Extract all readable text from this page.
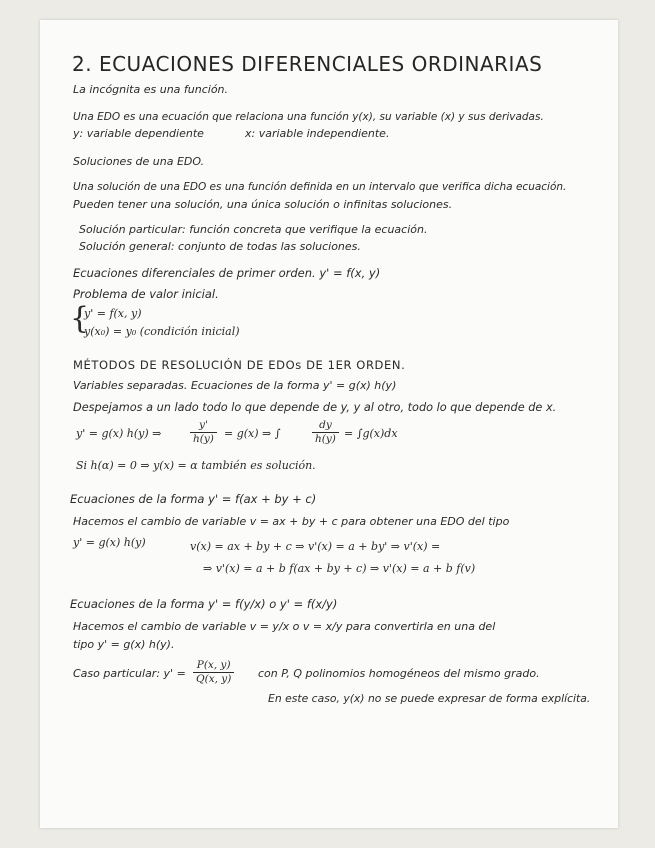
2. ECUACIONES DIFERENCIALES ORDINARIAS
La incógnita es una función.
Una EDO es una ecuación que relaciona una función y(x), su variable (x) y sus derivadas.
y: variable dependiente	x: variable independiente.
Soluciones de una EDO.
Una solución de una EDO es una función definida en un intervalo que verifica dicha ecuación.
Pueden tener una solución, una única solución o infinitas soluciones.
Solución particular: función concreta que verifique la ecuación.
Solución general: conjunto de todas las soluciones.
Ecuaciones diferenciales de primer orden. y' = f(x, y)
Problema de valor inicial.
{
y' = f(x, y)
y(x₀) = y₀ (condición inicial)
MÉTODOS DE RESOLUCIÓN DE EDOs DE 1ER ORDEN.
Variables separadas. Ecuaciones de la forma y' = g(x) h(y)
Despejamos a un lado todo lo que depende de y, y al otro, todo lo que depende de x.
y' = g(x) h(y) ⇒	$\frac{y'}{h(y)} = g(x)$ ⇒ ∫	$\frac{dy}{h(y)} = \int g(x)dx$
Si h(α) = 0 ⇒ y(x) = α también es solución.
Ecuaciones de la forma y' = f(ax + by + c)
Hacemos el cambio de variable v = ax + by + c para obtener una EDO del tipo
y' = g(x) h(y)	v(x) = ax + by + c ⇒ v'(x) = a + by' ⇒ v'(x) =
⇒ v'(x) = a + b f(ax + by + c) ⇒ v'(x) = a + b f(v)
Ecuaciones de la forma y' = f(y/x) o y' = f(x/y)
Hacemos el cambio de variable v = y/x o v = x/y para convertirla en una del
tipo y' = g(x) h(y).
Caso particular: $y' = \frac{P(x, y)}{Q(x, y)}$ con P, Q polinomios homogéneos del mismo grado.
En este caso, y(x) no se puede expresar de forma explícita.
